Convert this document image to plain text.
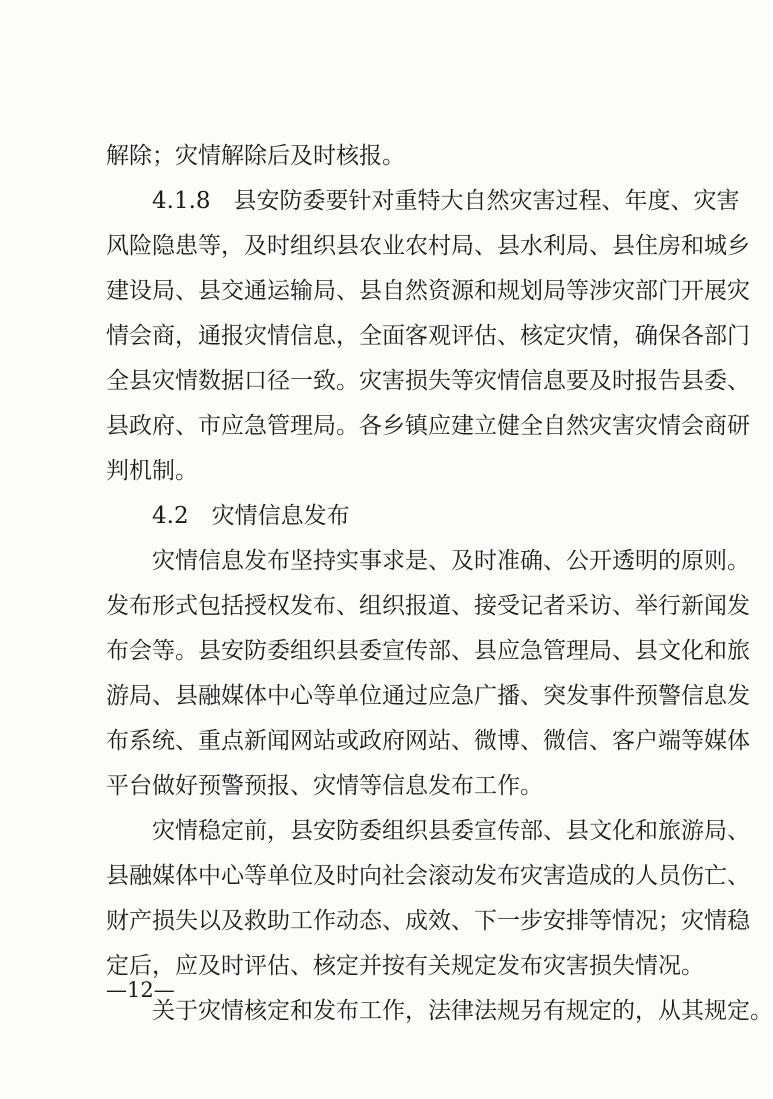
解除；灾情解除后及时核报。
4.1.8　县安防委要针对重特大自然灾害过程、年度、灾害
风险隐患等，及时组织县农业农村局、县水利局、县住房和城乡
建设局、县交通运输局、县自然资源和规划局等涉灾部门开展灾
情会商，通报灾情信息，全面客观评估、核定灾情，确保各部门
全县灾情数据口径一致。灾害损失等灾情信息要及时报告县委、
县政府、市应急管理局。各乡镇应建立健全自然灾害灾情会商研
判机制。
4.2　灾情信息发布
灾情信息发布坚持实事求是、及时准确、公开透明的原则。
发布形式包括授权发布、组织报道、接受记者采访、举行新闻发
布会等。县安防委组织县委宣传部、县应急管理局、县文化和旅
游局、县融媒体中心等单位通过应急广播、突发事件预警信息发
布系统、重点新闻网站或政府网站、微博、微信、客户端等媒体
平台做好预警预报、灾情等信息发布工作。
灾情稳定前，县安防委组织县委宣传部、县文化和旅游局、
县融媒体中心等单位及时向社会滚动发布灾害造成的人员伤亡、
财产损失以及救助工作动态、成效、下一步安排等情况；灾情稳
定后，应及时评估、核定并按有关规定发布灾害损失情况。
关于灾情核定和发布工作，法律法规另有规定的，从其规定。
—12—
